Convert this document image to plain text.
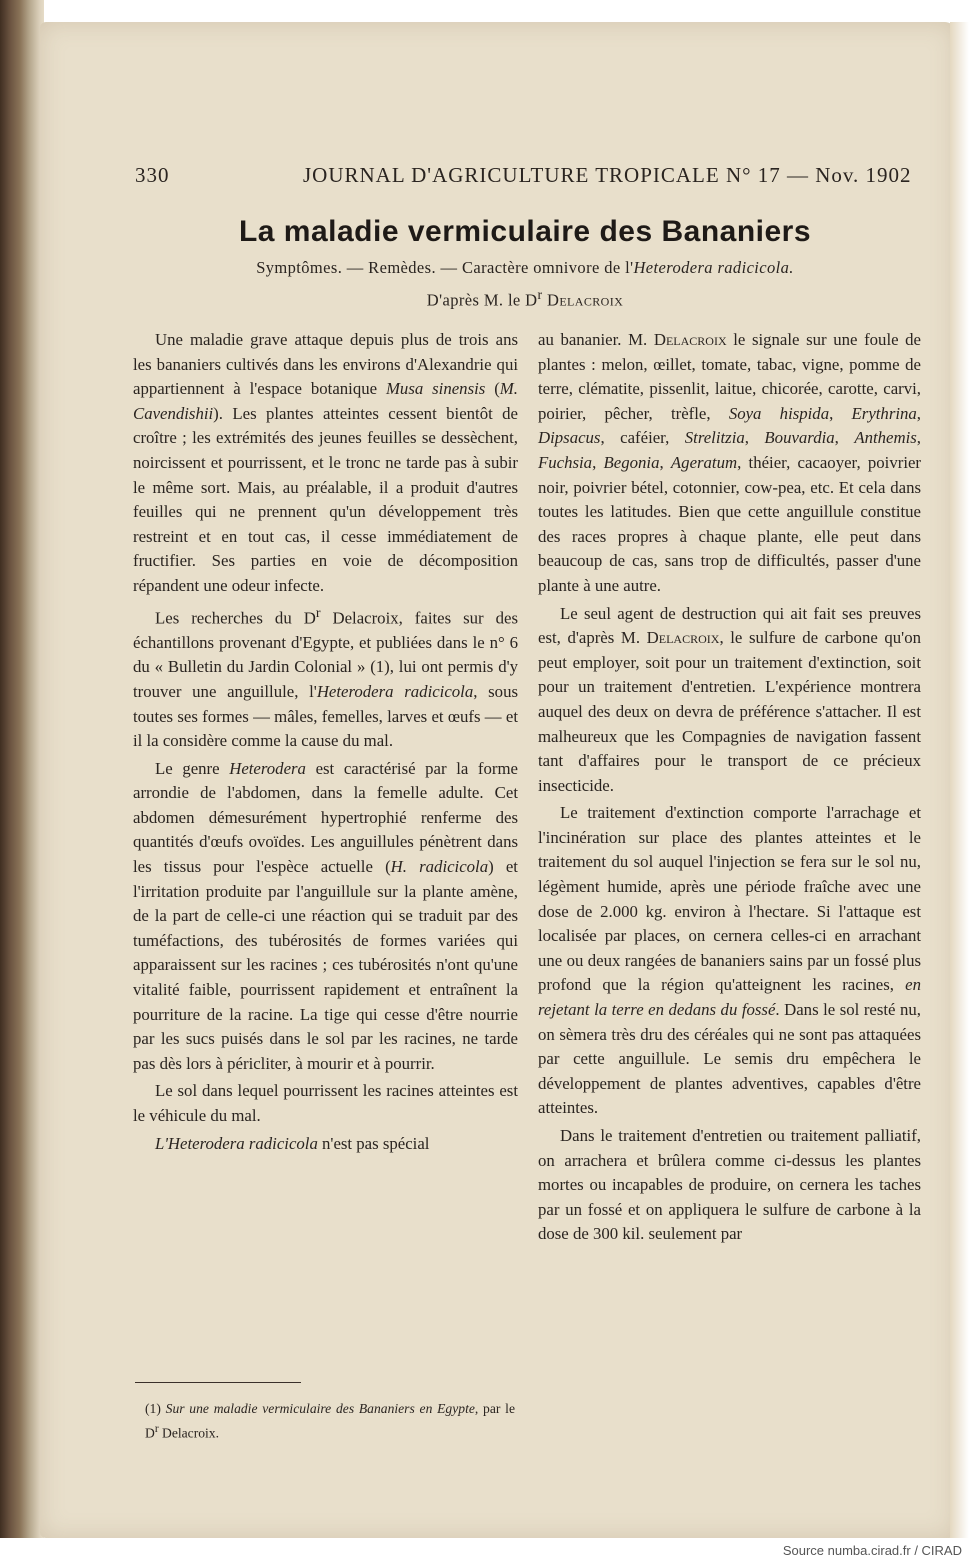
330	JOURNAL D'AGRICULTURE TROPICALE N° 17 — Nov. 1902
La maladie vermiculaire des Bananiers
Symptômes. — Remèdes. — Caractère omnivore de l'Heterodera radicicola.
D'après M. le $D^r$ Delacroix

Une maladie grave attaque depuis plus de trois ans les bananiers cultivés dans les environs d'Alexandrie qui appartiennent à l'espace botanique Musa sinensis (M. Cavendishii). Les plantes atteintes cessent bientôt de croître ; les extrémités des jeunes feuilles se dessèchent, noircissent et pourrissent, et le tronc ne tarde pas à subir le même sort. Mais, au préalable, il a produit d'autres feuilles qui ne prennent qu'un développement très restreint et en tout cas, il cesse immédiatement de fructifier. Ses parties en voie de décomposition répandent une odeur infecte.

Les recherches du $D^r$ Delacroix, faites sur des échantillons provenant d'Egypte, et publiées dans le n° 6 du « Bulletin du Jardin Colonial » (1), lui ont permis d'y trouver une anguillule, l'Heterodera radicicola, sous toutes ses formes — mâles, femelles, larves et œufs — et il la considère comme la cause du mal.

Le genre Heterodera est caractérisé par la forme arrondie de l'abdomen, dans la femelle adulte. Cet abdomen démesurément hypertrophié renferme des quantités d'œufs ovoïdes. Les anguillules pénètrent dans les tissus pour l'espèce actuelle (H. radicicola) et l'irritation produite par l'anguillule sur la plante amène, de la part de celle-ci une réaction qui se traduit par des tuméfactions, des tubérosités de formes variées qui apparaissent sur les racines ; ces tubérosités n'ont qu'une vitalité faible, pourrissent rapidement et entraînent la pourriture de la racine. La tige qui cesse d'être nourrie par les sucs puisés dans le sol par les racines, ne tarde pas dès lors à péricliter, à mourir et à pourrir.

Le sol dans lequel pourrissent les racines atteintes est le véhicule du mal.

L'Heterodera radicicola n'est pas spécial

au bananier. M. Delacroix le signale sur une foule de plantes : melon, œillet, tomate, tabac, vigne, pomme de terre, clématite, pissenlit, laitue, chicorée, carotte, carvi, poirier, pêcher, trèfle, Soya hispida, Erythrina, Dipsacus, caféier, Strelitzia, Bouvardia, Anthemis, Fuchsia, Begonia, Ageratum, théier, cacaoyer, poivrier noir, poivrier bétel, cotonnier, cow-pea, etc. Et cela dans toutes les latitudes. Bien que cette anguillule constitue des races propres à chaque plante, elle peut dans beaucoup de cas, sans trop de difficultés, passer d'une plante à une autre.

Le seul agent de destruction qui ait fait ses preuves est, d'après M. Delacroix, le sulfure de carbone qu'on peut employer, soit pour un traitement d'extinction, soit pour un traitement d'entretien. L'expérience montrera auquel des deux on devra de préférence s'attacher. Il est malheureux que les Compagnies de navigation fassent tant d'affaires pour le transport de ce précieux insecticide.

Le traitement d'extinction comporte l'arrachage et l'incinération sur place des plantes atteintes et le traitement du sol auquel l'injection se fera sur le sol nu, légèment humide, après une période fraîche avec une dose de 2.000 kg. environ à l'hectare. Si l'attaque est localisée par places, on cernera celles-ci en arrachant une ou deux rangées de bananiers sains par un fossé plus profond que la région qu'atteignent les racines, en rejetant la terre en dedans du fossé. Dans le sol resté nu, on sèmera très dru des céréales qui ne sont pas attaquées par cette anguillule. Le semis dru empêchera le développement de plantes adventives, capables d'être atteintes.

Dans le traitement d'entretien ou traitement palliatif, on arrachera et brûlera comme ci-dessus les plantes mortes ou incapables de produire, on cernera les taches par un fossé et on appliquera le sulfure de carbone à la dose de 300 kil. seulement par

(1) Sur une maladie vermiculaire des Bananiers en Egypte, par le $D^r$ Delacroix.
Source numba.cirad.fr / CIRAD
